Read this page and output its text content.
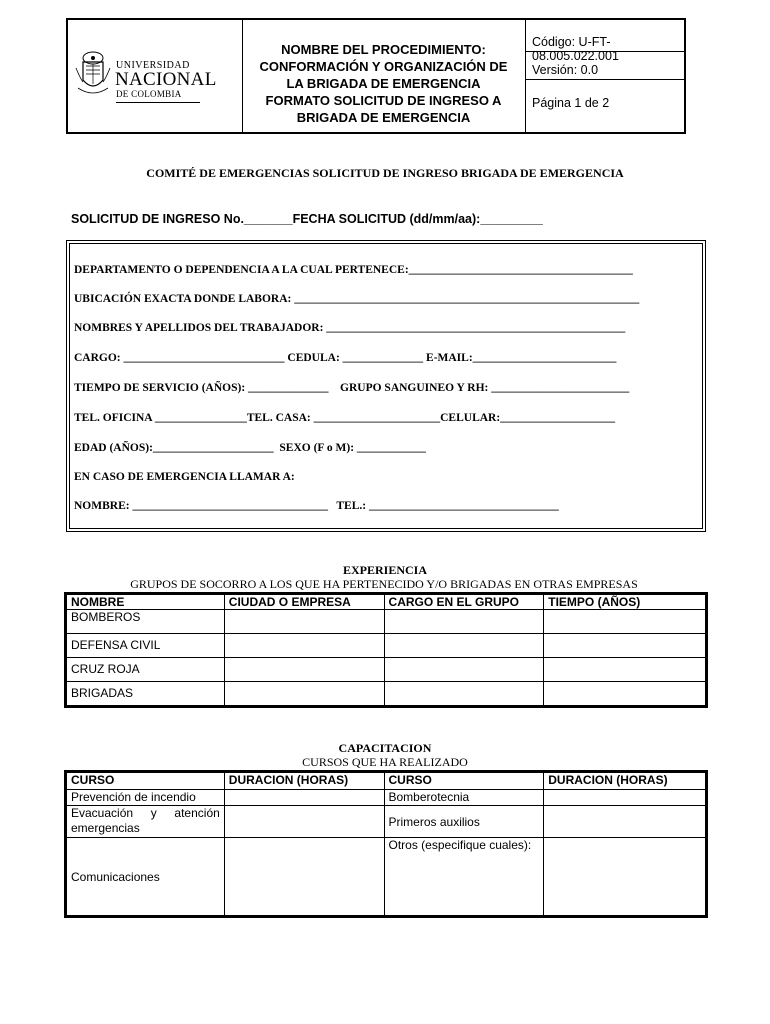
UNIVERSIDAD
NACIONAL
DE COLOMBIA
NOMBRE DEL PROCEDIMIENTO:
CONFORMACIÓN Y ORGANIZACIÓN DE
LA BRIGADA DE EMERGENCIA
FORMATO SOLICITUD DE INGRESO A
BRIGADA DE EMERGENCIA
Código: U-FT-08.005.022.001
Versión: 0.0
Página 1 de 2
COMITÉ DE EMERGENCIAS SOLICITUD DE INGRESO BRIGADA DE EMERGENCIA
SOLICITUD DE INGRESO No._______FECHA SOLICITUD (dd/mm/aa):_________
DEPARTAMENTO O DEPENDENCIA A LA CUAL PERTENECE:_______________________________________
UBICACIÓN EXACTA DONDE LABORA: ____________________________________________________________
NOMBRES Y APELLIDOS DEL TRABAJADOR: ____________________________________________________
CARGO: ____________________________ CEDULA: ______________ E-MAIL:_________________________
TIEMPO DE SERVICIO (AÑOS): ______________    GRUPO SANGUINEO Y RH: ________________________
TEL. OFICINA ________________TEL. CASA: ______________________CELULAR:____________________
EDAD (AÑOS):_____________________  SEXO (F o M): ____________
EN CASO DE EMERGENCIA LLAMAR A:
NOMBRE: __________________________________   TEL.: _________________________________
EXPERIENCIA
GRUPOS DE SOCORRO A LOS QUE HA PERTENECIDO Y/O BRIGADAS EN OTRAS EMPRESAS
NOMBRE	CIUDAD O EMPRESA	CARGO EN EL GRUPO	TIEMPO (AÑOS)
BOMBEROS			
DEFENSA CIVIL			
CRUZ ROJA			
BRIGADAS			
CAPACITACION
CURSOS QUE HA REALIZADO
CURSO	DURACION (HORAS)	CURSO	DURACION (HORAS)
Prevención de incendio		Bomberotecnia	
Evacuación y atención emergencias		Primeros auxilios	
Comunicaciones		Otros (especifique cuales):	
